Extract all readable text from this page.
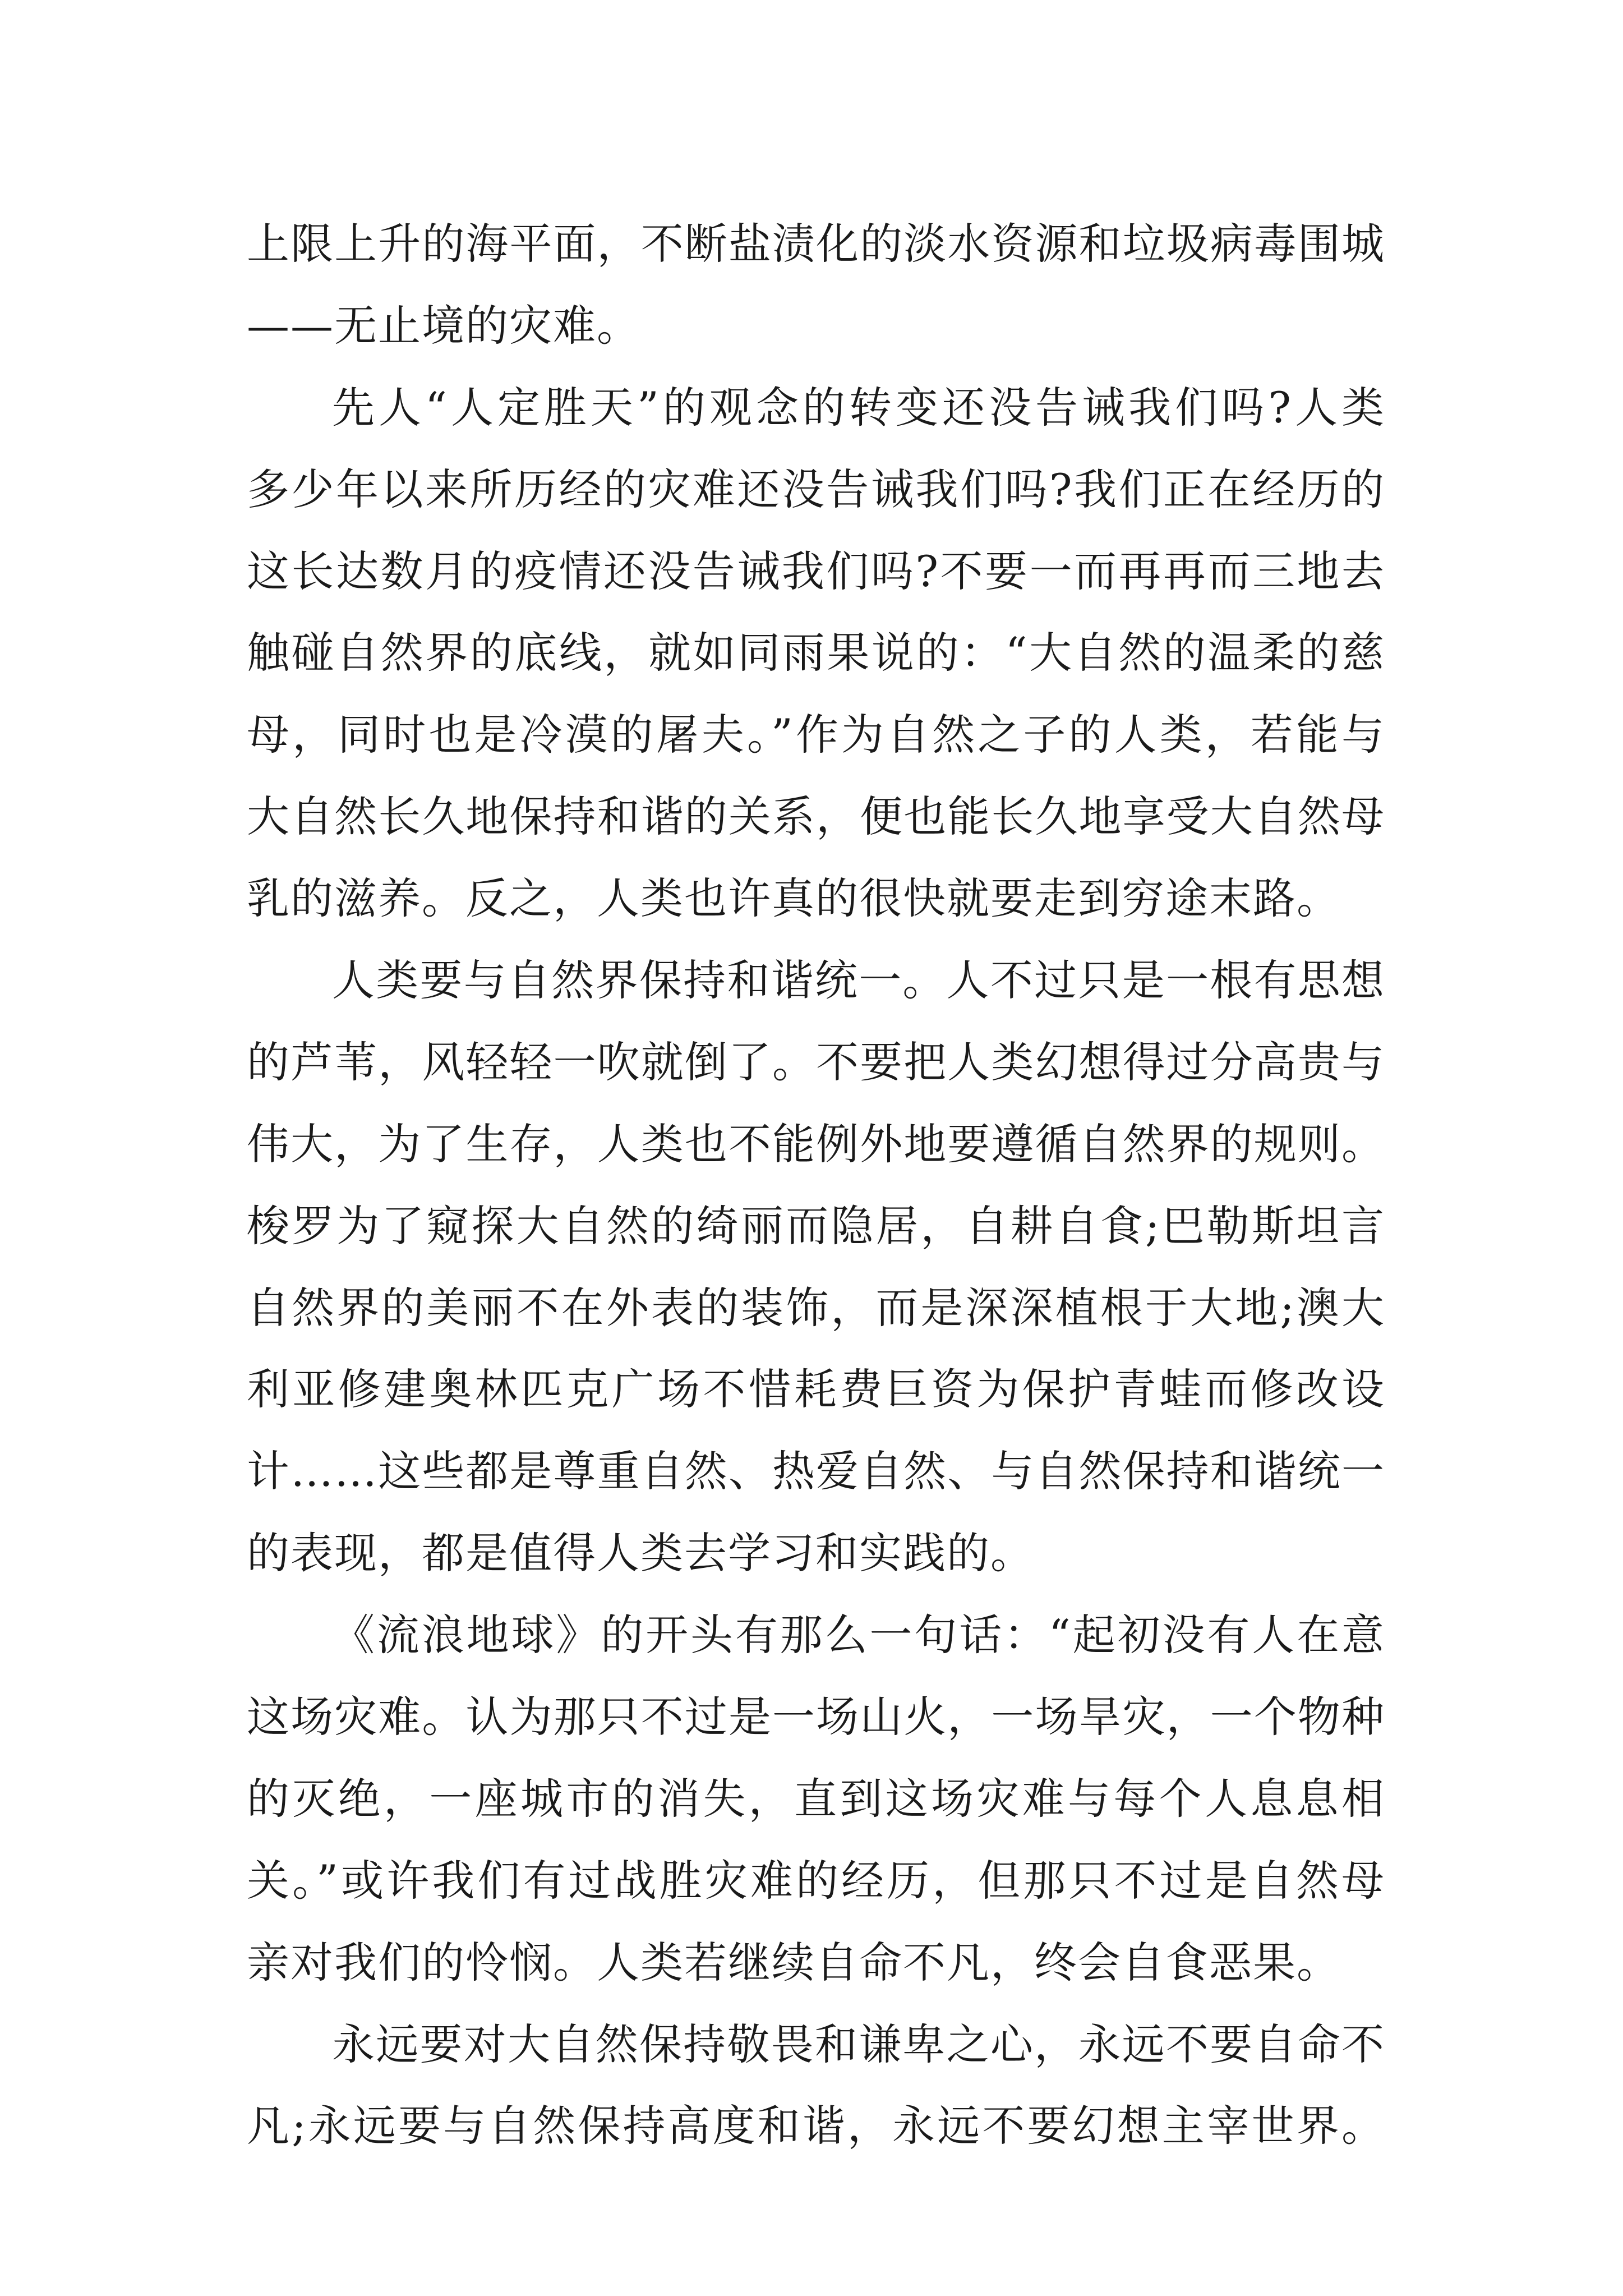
上限上升的海平面，不断盐渍化的淡水资源和垃圾病毒围城
——无止境的灾难。
先人“人定胜天”的观念的转变还没告诫我们吗?人类
多少年以来所历经的灾难还没告诫我们吗?我们正在经历的
这长达数月的疫情还没告诫我们吗?不要一而再再而三地去
触碰自然界的底线，就如同雨果说的：“大自然的温柔的慈
母，同时也是冷漠的屠夫。”作为自然之子的人类，若能与
大自然长久地保持和谐的关系，便也能长久地享受大自然母
乳的滋养。反之，人类也许真的很快就要走到穷途末路。
人类要与自然界保持和谐统一。人不过只是一根有思想
的芦苇，风轻轻一吹就倒了。不要把人类幻想得过分高贵与
伟大，为了生存，人类也不能例外地要遵循自然界的规则。
梭罗为了窥探大自然的绮丽而隐居，自耕自食;巴勒斯坦言
自然界的美丽不在外表的装饰，而是深深植根于大地;澳大
利亚修建奥林匹克广场不惜耗费巨资为保护青蛙而修改设
计……这些都是尊重自然、热爱自然、与自然保持和谐统一
的表现，都是值得人类去学习和实践的。
《流浪地球》的开头有那么一句话：“起初没有人在意
这场灾难。认为那只不过是一场山火，一场旱灾，一个物种
的灭绝，一座城市的消失，直到这场灾难与每个人息息相
关。”或许我们有过战胜灾难的经历，但那只不过是自然母
亲对我们的怜悯。人类若继续自命不凡，终会自食恶果。
永远要对大自然保持敬畏和谦卑之心，永远不要自命不
凡;永远要与自然保持高度和谐，永远不要幻想主宰世界。
